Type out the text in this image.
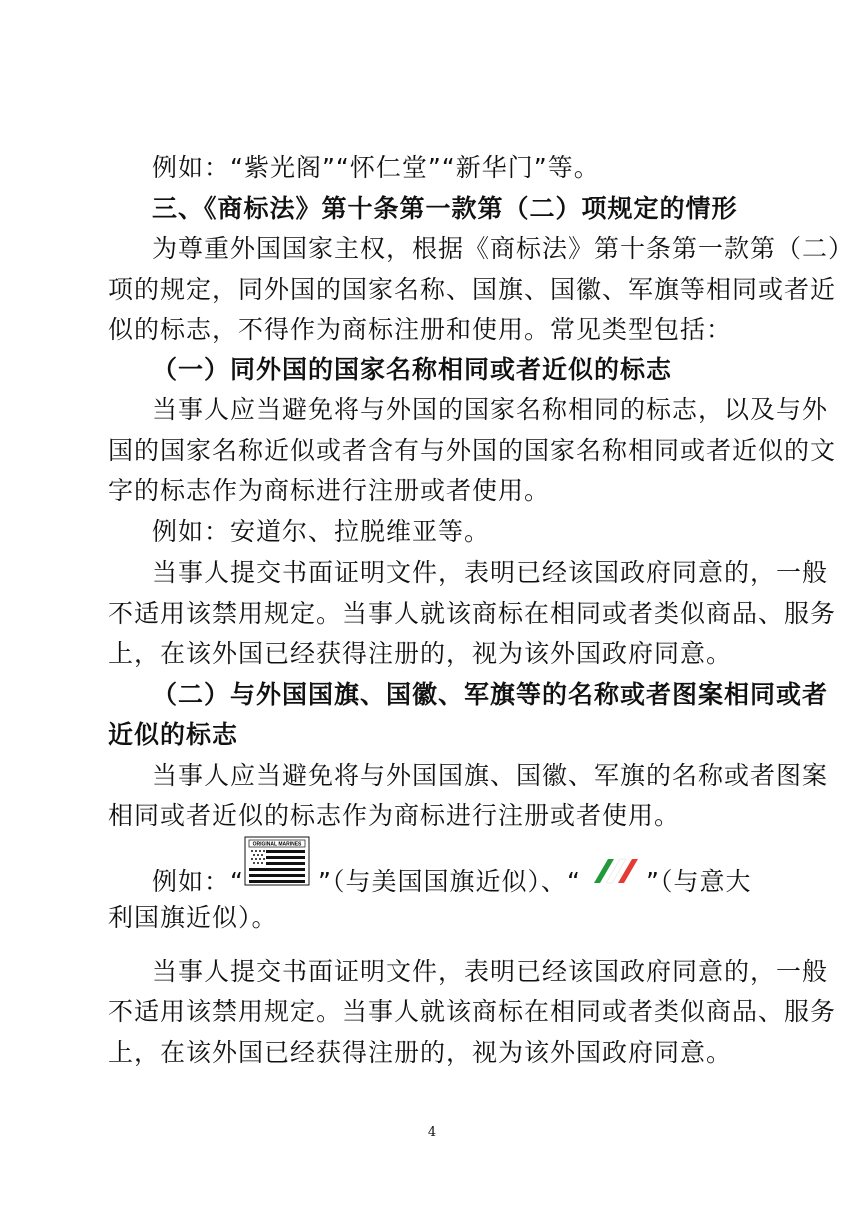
例如：“紫光阁”“怀仁堂”“新华门”等。
三、《商标法》第十条第一款第（二）项规定的情形
为尊重外国国家主权，根据《商标法》第十条第一款第（二）
项的规定，同外国的国家名称、国旗、国徽、军旗等相同或者近
似的标志，不得作为商标注册和使用。常见类型包括：
（一）同外国的国家名称相同或者近似的标志
当事人应当避免将与外国的国家名称相同的标志，以及与外
国的国家名称近似或者含有与外国的国家名称相同或者近似的文
字的标志作为商标进行注册或者使用。
例如：安道尔、拉脱维亚等。
当事人提交书面证明文件，表明已经该国政府同意的，一般
不适用该禁用规定。当事人就该商标在相同或者类似商品、服务
上，在该外国已经获得注册的，视为该外国政府同意。
（二）与外国国旗、国徽、军旗等的名称或者图案相同或者
近似的标志
当事人应当避免将与外国国旗、国徽、军旗的名称或者图案
相同或者近似的标志作为商标进行注册或者使用。
例如：“
ORIGINAL MARINES
”（与美国国旗近似）、“	”（与意大
利国旗近似）。
当事人提交书面证明文件，表明已经该国政府同意的，一般
不适用该禁用规定。当事人就该商标在相同或者类似商品、服务
上，在该外国已经获得注册的，视为该外国政府同意。
4
